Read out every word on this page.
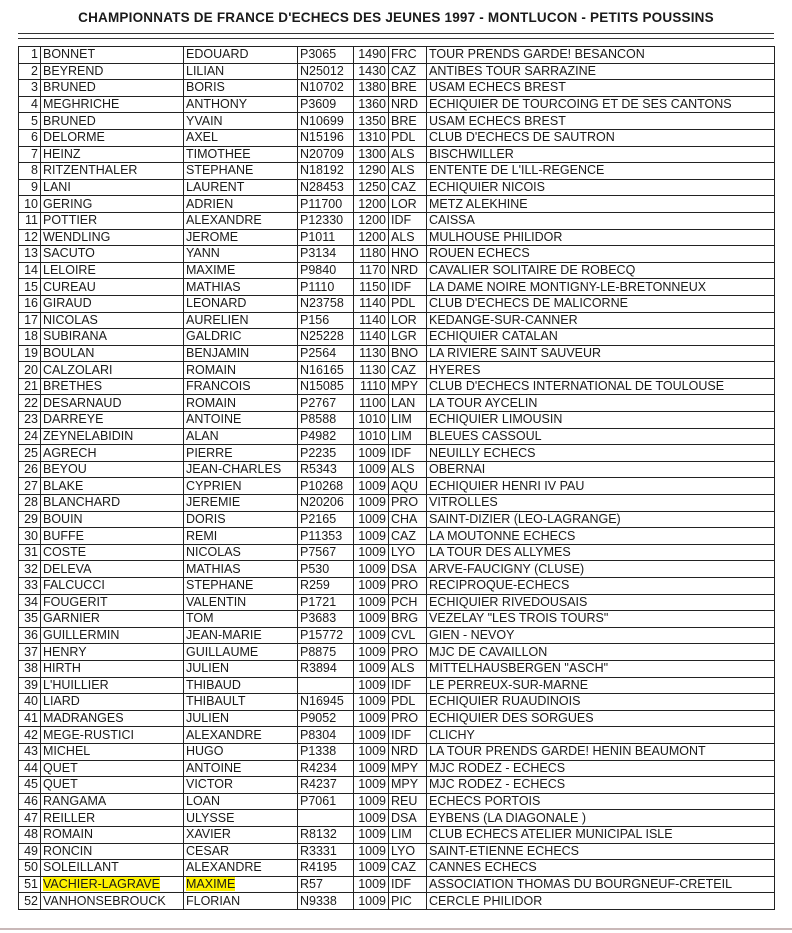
CHAMPIONNATS DE FRANCE D'ECHECS DES JEUNES 1997 - MONTLUCON - PETITS POUSSINS
1	BONNET	EDOUARD	P3065	1490	FRC	TOUR PRENDS GARDE! BESANCON
2	BEYREND	LILIAN	N25012	1430	CAZ	ANTIBES TOUR SARRAZINE
3	BRUNED	BORIS	N10702	1380	BRE	USAM ECHECS BREST
4	MEGHRICHE	ANTHONY	P3609	1360	NRD	ECHIQUIER DE TOURCOING ET DE SES CANTONS
5	BRUNED	YVAIN	N10699	1350	BRE	USAM ECHECS BREST
6	DELORME	AXEL	N15196	1310	PDL	CLUB D'ECHECS DE SAUTRON
7	HEINZ	TIMOTHEE	N20709	1300	ALS	BISCHWILLER
8	RITZENTHALER	STEPHANE	N18192	1290	ALS	ENTENTE DE L'ILL-REGENCE
9	LANI	LAURENT	N28453	1250	CAZ	ECHIQUIER NICOIS
10	GERING	ADRIEN	P11700	1200	LOR	METZ ALEKHINE
11	POTTIER	ALEXANDRE	P12330	1200	IDF	CAISSA
12	WENDLING	JEROME	P1011	1200	ALS	MULHOUSE PHILIDOR
13	SACUTO	YANN	P3134	1180	HNO	ROUEN ECHECS
14	LELOIRE	MAXIME	P9840	1170	NRD	CAVALIER SOLITAIRE DE ROBECQ
15	CUREAU	MATHIAS	P1110	1150	IDF	LA DAME NOIRE MONTIGNY-LE-BRETONNEUX
16	GIRAUD	LEONARD	N23758	1140	PDL	CLUB D'ECHECS DE MALICORNE
17	NICOLAS	AURELIEN	P156	1140	LOR	KEDANGE-SUR-CANNER
18	SUBIRANA	GALDRIC	N25228	1140	LGR	ECHIQUIER CATALAN
19	BOULAN	BENJAMIN	P2564	1130	BNO	LA RIVIERE SAINT SAUVEUR
20	CALZOLARI	ROMAIN	N16165	1130	CAZ	HYERES
21	BRETHES	FRANCOIS	N15085	1110	MPY	CLUB D'ECHECS INTERNATIONAL DE TOULOUSE
22	DESARNAUD	ROMAIN	P2767	1100	LAN	LA TOUR AYCELIN
23	DARREYE	ANTOINE	P8588	1010	LIM	ECHIQUIER LIMOUSIN
24	ZEYNELABIDIN	ALAN	P4982	1010	LIM	BLEUES CASSOUL
25	AGRECH	PIERRE	P2235	1009	IDF	NEUILLY ECHECS
26	BEYOU	JEAN-CHARLES	R5343	1009	ALS	OBERNAI
27	BLAKE	CYPRIEN	P10268	1009	AQU	ECHIQUIER HENRI IV PAU
28	BLANCHARD	JEREMIE	N20206	1009	PRO	VITROLLES
29	BOUIN	DORIS	P2165	1009	CHA	SAINT-DIZIER (LEO-LAGRANGE)
30	BUFFE	REMI	P11353	1009	CAZ	LA MOUTONNE ECHECS
31	COSTE	NICOLAS	P7567	1009	LYO	LA TOUR DES ALLYMES
32	DELEVA	MATHIAS	P530	1009	DSA	ARVE-FAUCIGNY (CLUSE)
33	FALCUCCI	STEPHANE	R259	1009	PRO	RECIPROQUE-ECHECS
34	FOUGERIT	VALENTIN	P1721	1009	PCH	ECHIQUIER RIVEDOUSAIS
35	GARNIER	TOM	P3683	1009	BRG	VEZELAY "LES TROIS TOURS"
36	GUILLERMIN	JEAN-MARIE	P15772	1009	CVL	GIEN - NEVOY
37	HENRY	GUILLAUME	P8875	1009	PRO	MJC DE CAVAILLON
38	HIRTH	JULIEN	R3894	1009	ALS	MITTELHAUSBERGEN "ASCH"
39	L'HUILLIER	THIBAUD		1009	IDF	LE PERREUX-SUR-MARNE
40	LIARD	THIBAULT	N16945	1009	PDL	ECHIQUIER RUAUDINOIS
41	MADRANGES	JULIEN	P9052	1009	PRO	ECHIQUIER DES SORGUES
42	MEGE-RUSTICI	ALEXANDRE	P8304	1009	IDF	CLICHY
43	MICHEL	HUGO	P1338	1009	NRD	LA TOUR PRENDS GARDE! HENIN BEAUMONT
44	QUET	ANTOINE	R4234	1009	MPY	MJC RODEZ - ECHECS
45	QUET	VICTOR	R4237	1009	MPY	MJC RODEZ - ECHECS
46	RANGAMA	LOAN	P7061	1009	REU	ECHECS PORTOIS
47	REILLER	ULYSSE		1009	DSA	EYBENS (LA DIAGONALE )
48	ROMAIN	XAVIER	R8132	1009	LIM	CLUB ECHECS ATELIER MUNICIPAL ISLE
49	RONCIN	CESAR	R3331	1009	LYO	SAINT-ETIENNE ECHECS
50	SOLEILLANT	ALEXANDRE	R4195	1009	CAZ	CANNES ECHECS
51	VACHIER-LAGRAVE	MAXIME	R57	1009	IDF	ASSOCIATION THOMAS DU BOURGNEUF-CRETEIL
52	VANHONSEBROUCK	FLORIAN	N9338	1009	PIC	CERCLE PHILIDOR
